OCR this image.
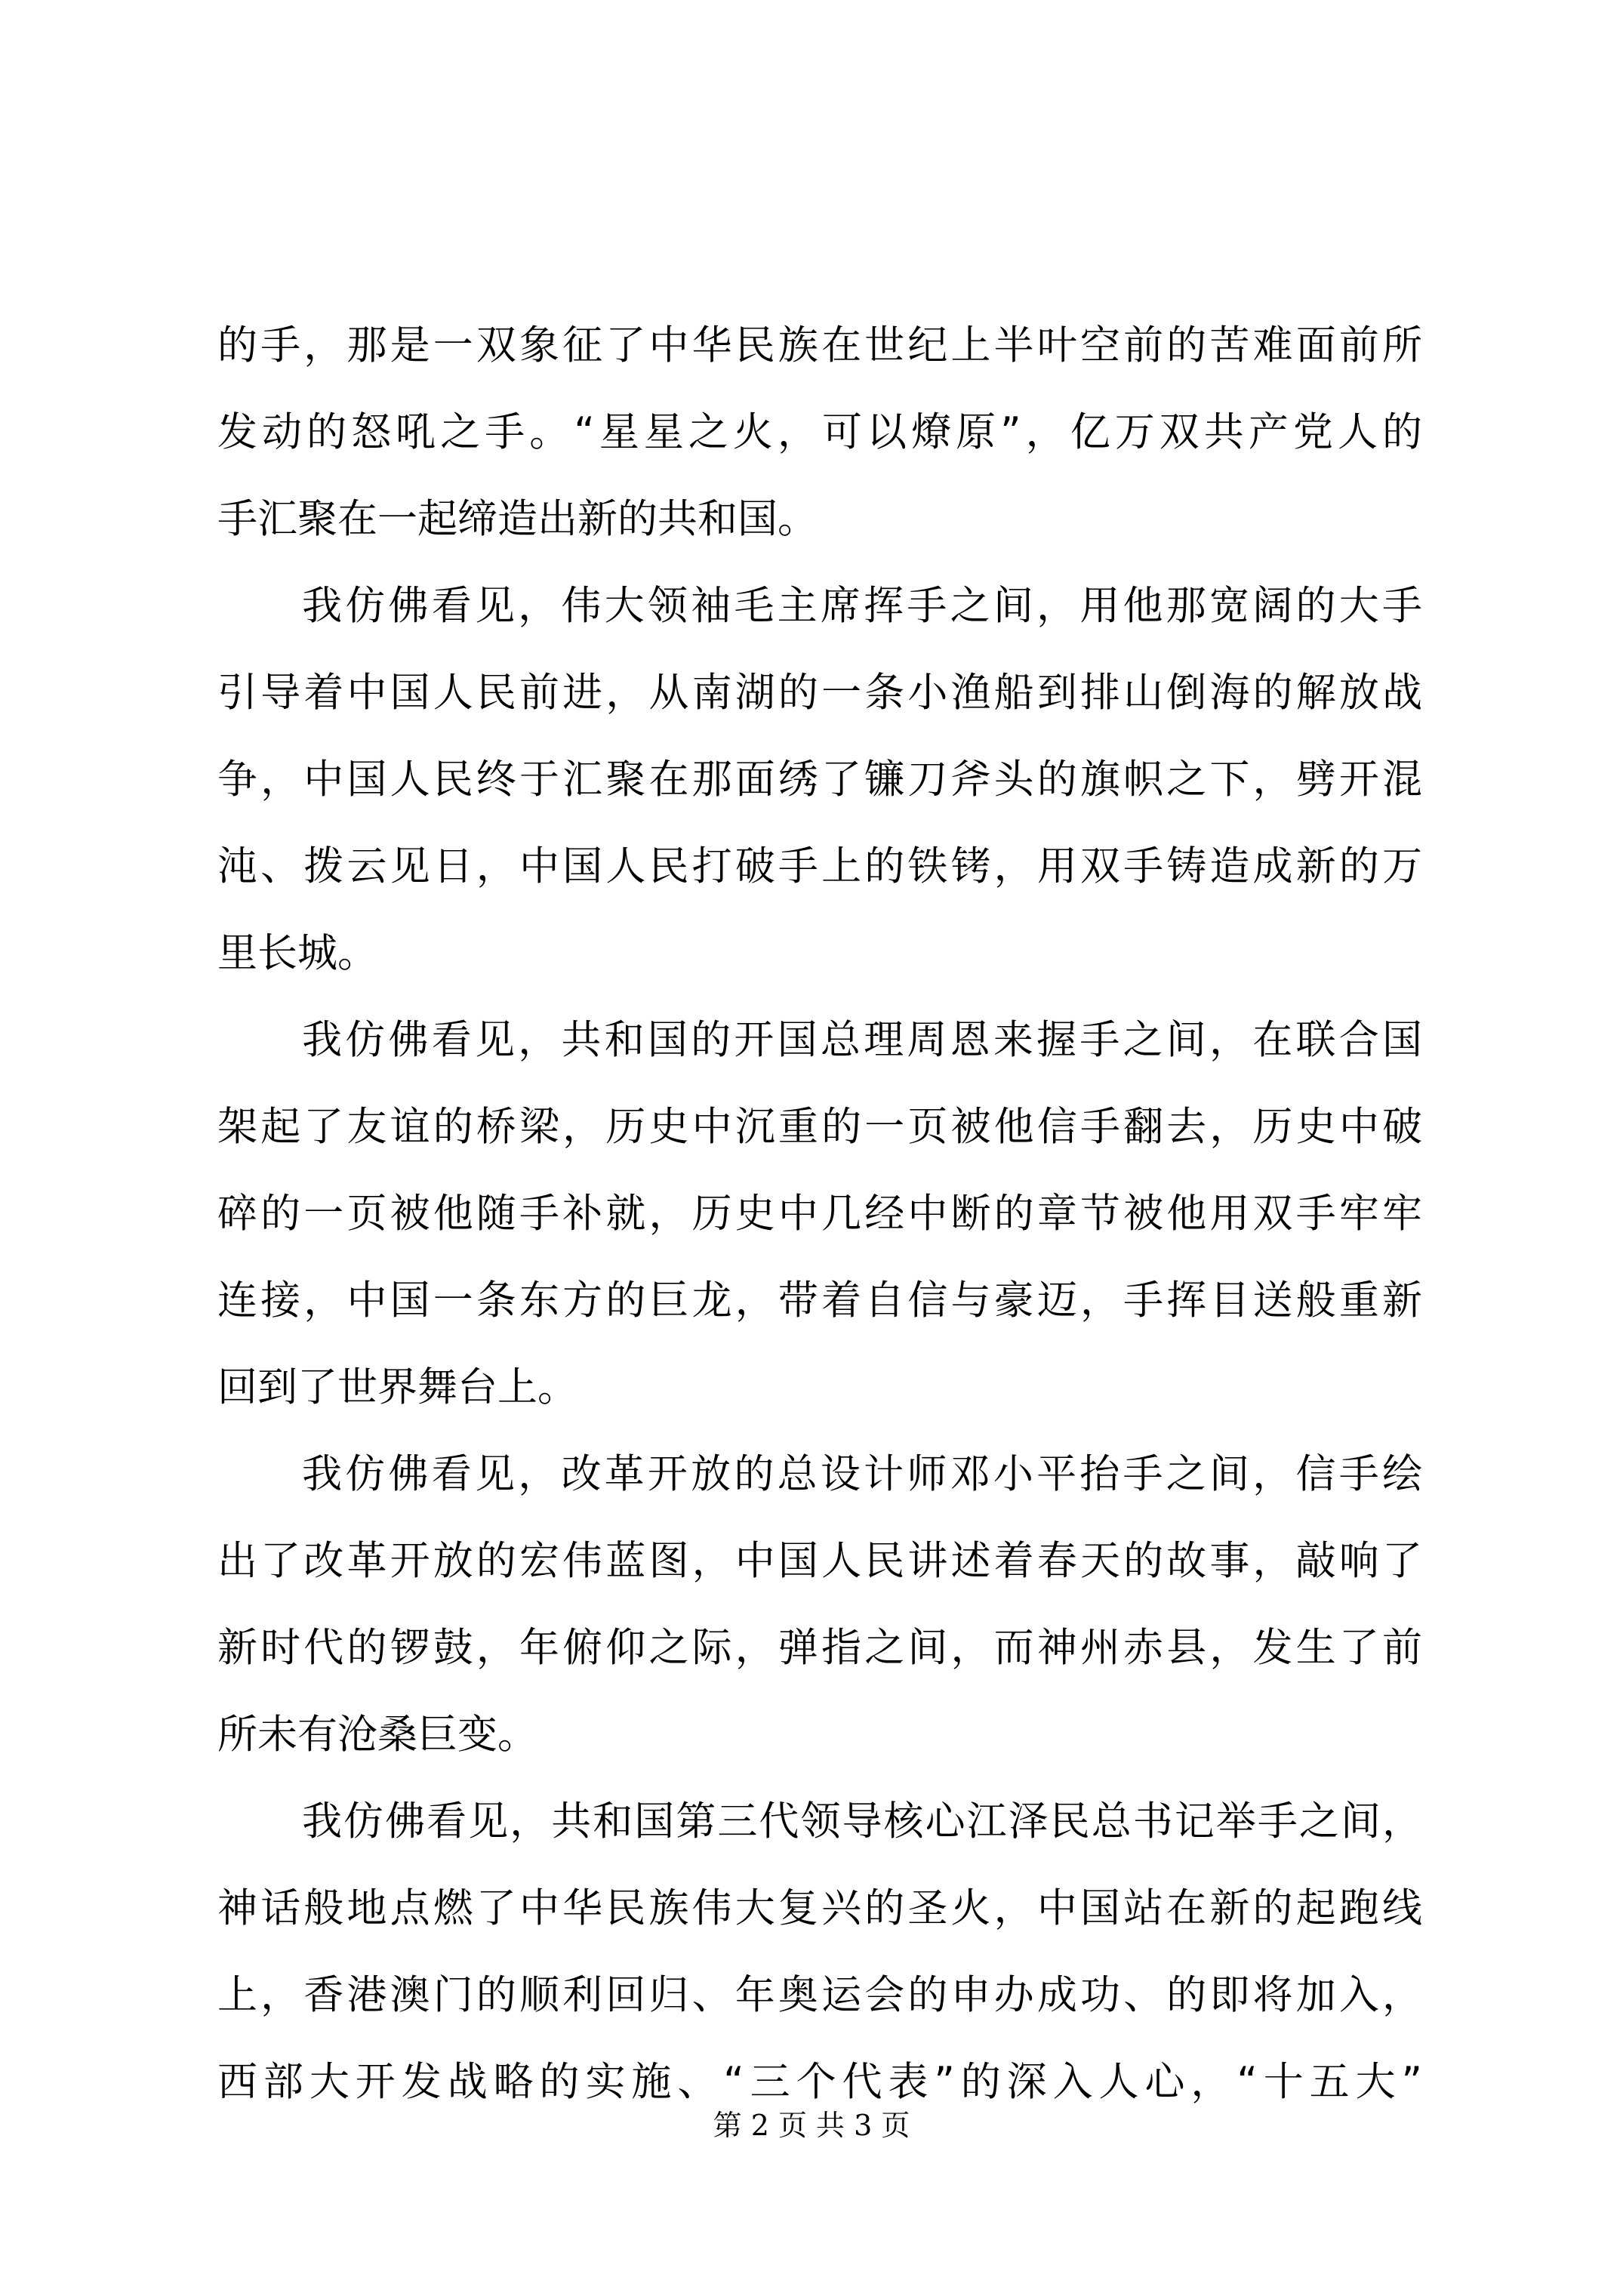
的手，那是一双象征了中华民族在世纪上半叶空前的苦难面前所
发动的怒吼之手。“星星之火，可以燎原”，亿万双共产党人的
手汇聚在一起缔造出新的共和国。
我仿佛看见，伟大领袖毛主席挥手之间，用他那宽阔的大手
引导着中国人民前进，从南湖的一条小渔船到排山倒海的解放战
争，中国人民终于汇聚在那面绣了镰刀斧头的旗帜之下，劈开混
沌、拨云见日，中国人民打破手上的铁铐，用双手铸造成新的万
里长城。
我仿佛看见，共和国的开国总理周恩来握手之间，在联合国
架起了友谊的桥梁，历史中沉重的一页被他信手翻去，历史中破
碎的一页被他随手补就，历史中几经中断的章节被他用双手牢牢
连接，中国一条东方的巨龙，带着自信与豪迈，手挥目送般重新
回到了世界舞台上。
我仿佛看见，改革开放的总设计师邓小平抬手之间，信手绘
出了改革开放的宏伟蓝图，中国人民讲述着春天的故事，敲响了
新时代的锣鼓，年俯仰之际，弹指之间，而神州赤县，发生了前
所未有沧桑巨变。
我仿佛看见，共和国第三代领导核心江泽民总书记举手之间，
神话般地点燃了中华民族伟大复兴的圣火，中国站在新的起跑线
上，香港澳门的顺利回归、年奥运会的申办成功、的即将加入，
西部大开发战略的实施、“三个代表”的深入人心，“十五大”
第 2 页 共 3 页
